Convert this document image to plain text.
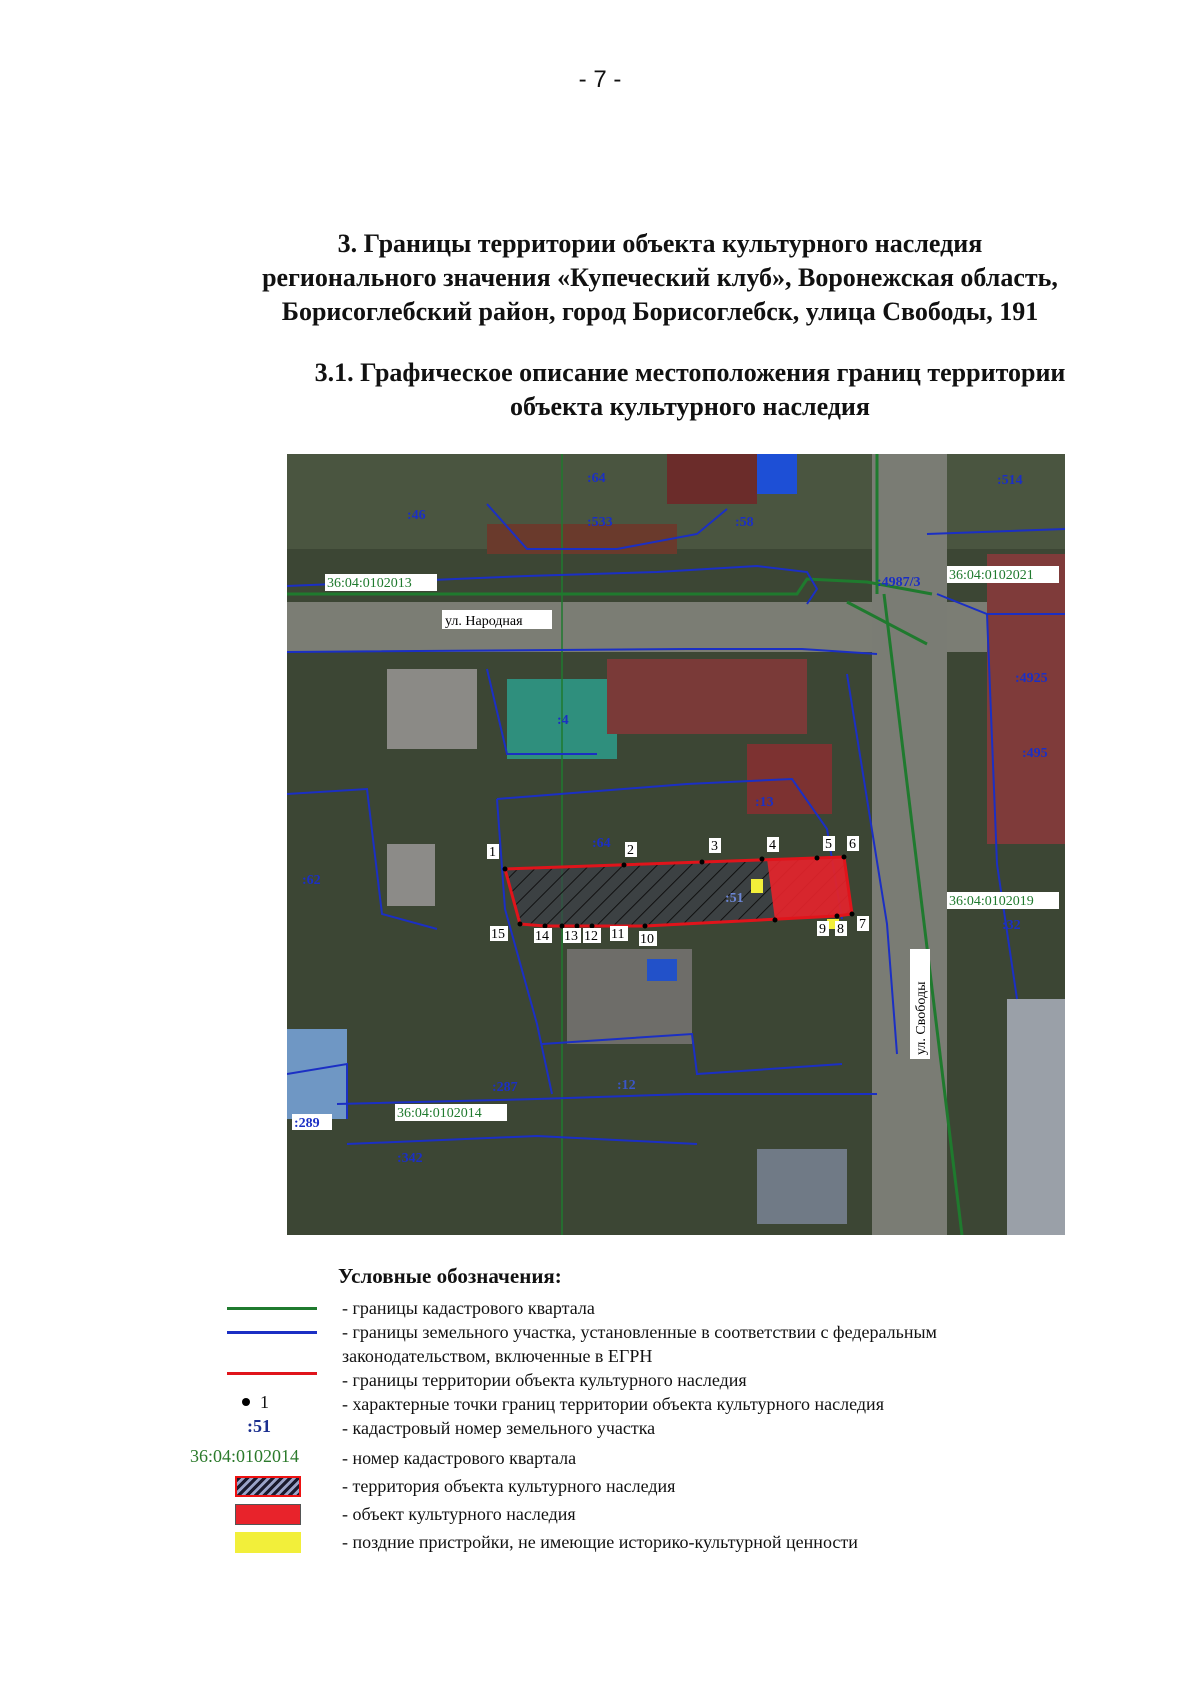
- 7 -
3. Границы территории объекта культурного наследия
регионального значения «Купеческий клуб», Воронежская область,
Борисоглебский район, город Борисоглебск, улица Свободы, 191
3.1. Графическое описание местоположения границ территории
объекта культурного наследия
1	2	3	4	5 6
7
8
9
10
11
12
13
14
15
36:04:0102013
36:04:0102021
36:04:0102019
36:04:0102014
ул. Народная
ул. Свободы
:4
:64
:13
:51
:62
:32
:287
:289
:12
:342
:533	:58
:514
:46
:64
:4987/3
:4925
:495
Условные обозначения:
- границы кадастрового квартала
- границы земельного участка, установленные в соответствии с федеральным
законодательством, включенные в ЕГРН
- границы территории объекта культурного наследия
1	- характерные точки границ территории объекта культурного наследия
:51	- кадастровый номер земельного участка
36:04:0102014 - номер кадастрового квартала
- территория объекта культурного наследия
- объект культурного наследия
- поздние пристройки, не имеющие историко-культурной ценности
